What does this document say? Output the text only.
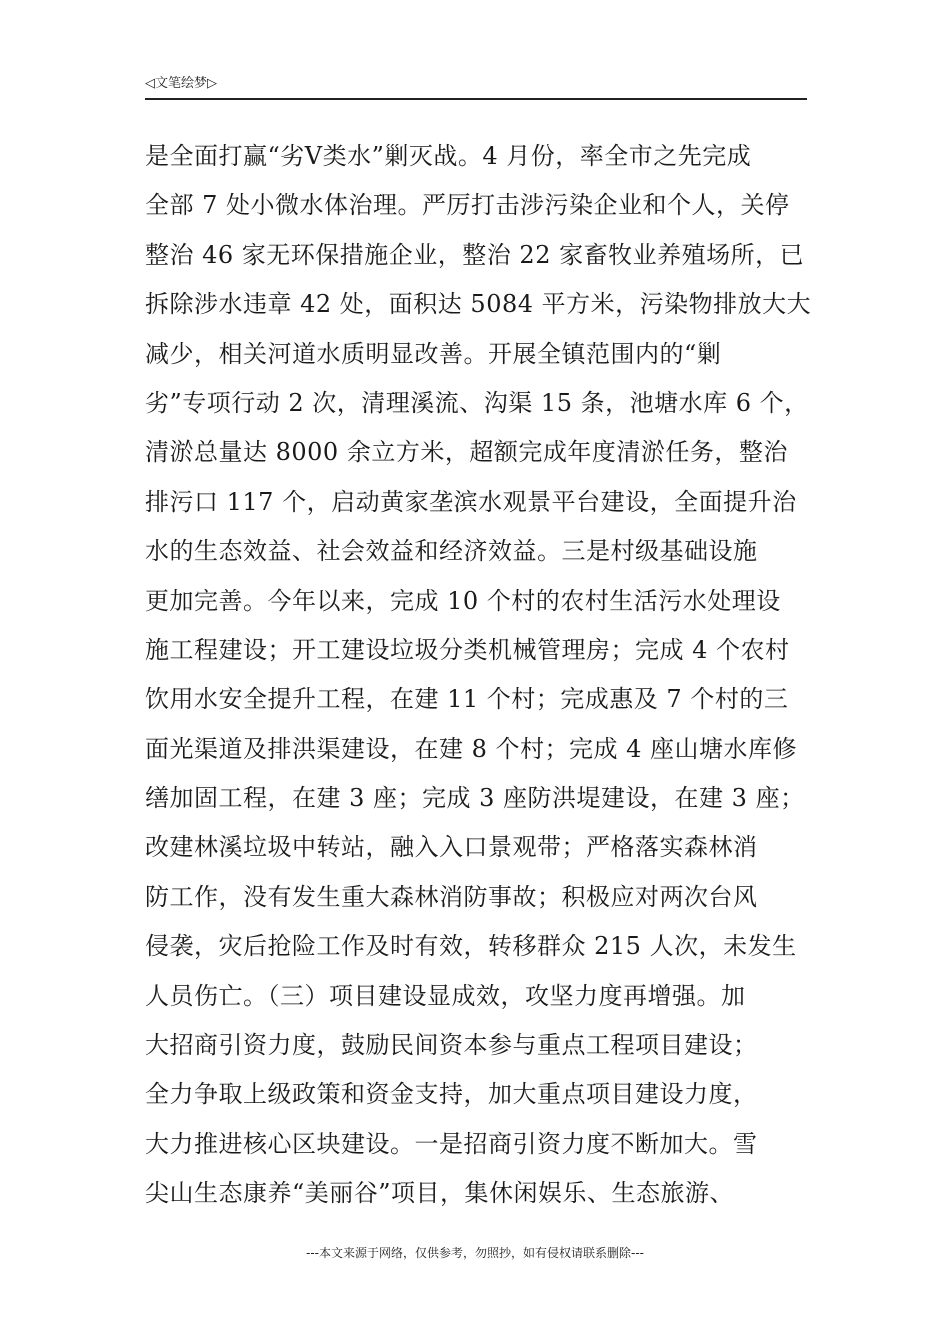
◁文笔绘梦▷
是全面打赢“劣Ⅴ类水”剿灭战。4 月份，率全市之先完成
全部 7 处小微水体治理。严厉打击涉污染企业和个人，关停
整治 46 家无环保措施企业，整治 22 家畜牧业养殖场所，已
拆除涉水违章 42 处，面积达 5084 平方米，污染物排放大大
减少，相关河道水质明显改善。开展全镇范围内的“剿
劣”专项行动 2 次，清理溪流、沟渠 15 条，池塘水库 6 个，
清淤总量达 8000 余立方米，超额完成年度清淤任务，整治
排污口 117 个，启动黄家垄滨水观景平台建设，全面提升治
水的生态效益、社会效益和经济效益。三是村级基础设施
更加完善。今年以来，完成 10 个村的农村生活污水处理设
施工程建设；开工建设垃圾分类机械管理房；完成 4 个农村
饮用水安全提升工程，在建 11 个村；完成惠及 7 个村的三
面光渠道及排洪渠建设，在建 8 个村；完成 4 座山塘水库修
缮加固工程，在建 3 座；完成 3 座防洪堤建设，在建 3 座；
改建林溪垃圾中转站，融入入口景观带；严格落实森林消
防工作，没有发生重大森林消防事故；积极应对两次台风
侵袭，灾后抢险工作及时有效，转移群众 215 人次，未发生
人员伤亡。（三）项目建设显成效，攻坚力度再增强。加
大招商引资力度，鼓励民间资本参与重点工程项目建设；
全力争取上级政策和资金支持，加大重点项目建设力度，
大力推进核心区块建设。一是招商引资力度不断加大。雪
尖山生态康养“美丽谷”项目，集休闲娱乐、生态旅游、
---本文来源于网络，仅供参考，勿照抄，如有侵权请联系删除---
